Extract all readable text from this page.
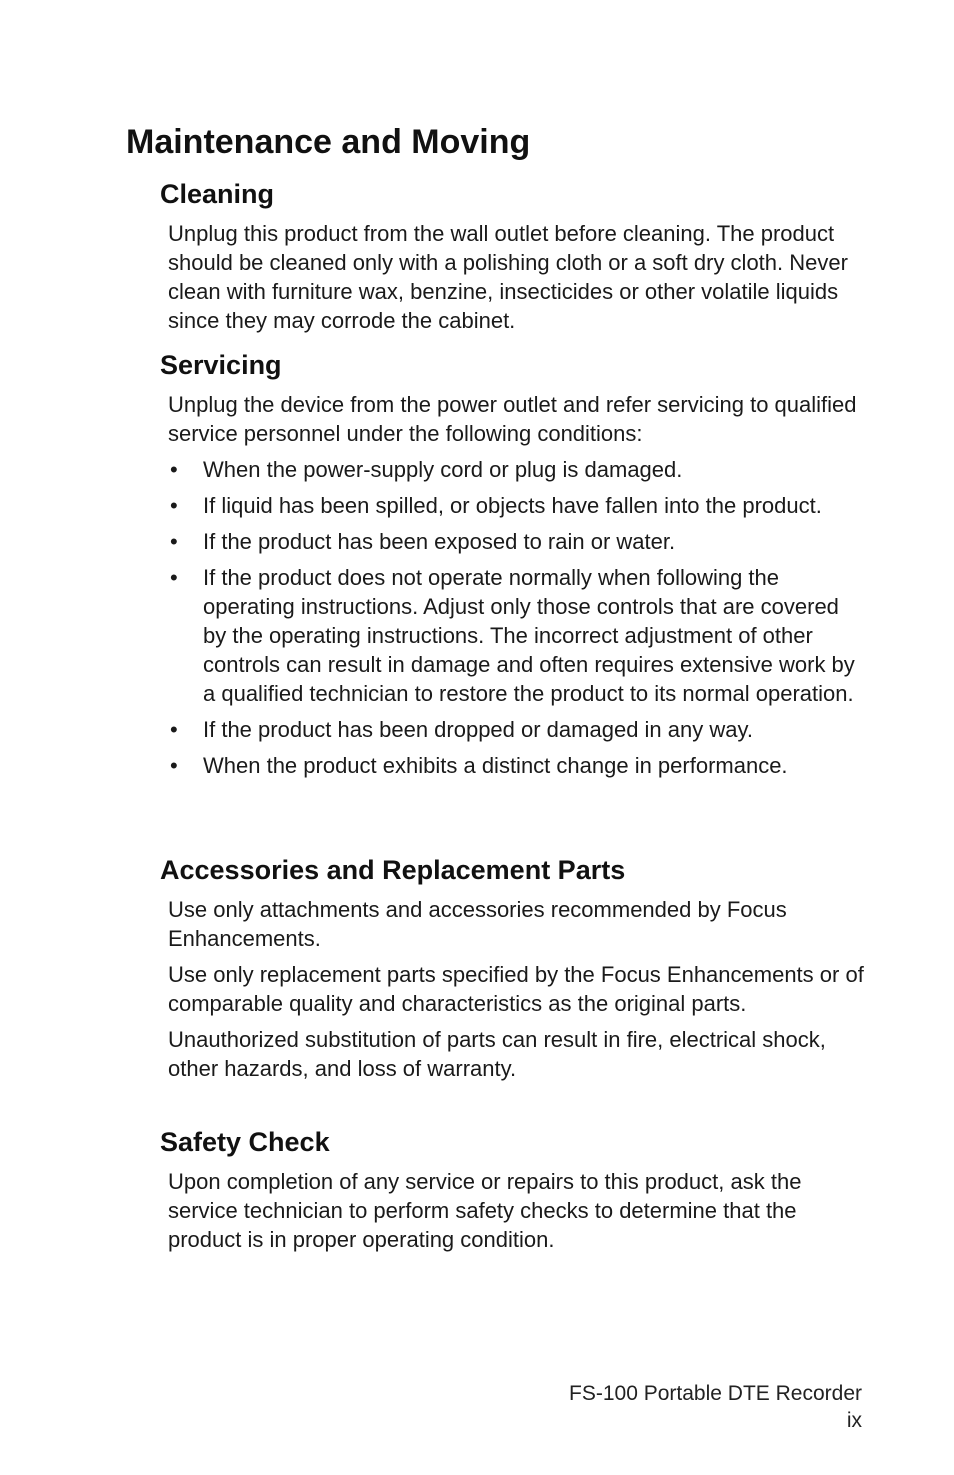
Maintenance and Moving
Cleaning

Unplug this product from the wall outlet before cleaning. The product should be cleaned only with a polishing cloth or a soft dry cloth. Never clean with furniture wax, benzine, insecticides or other volatile liquids since they may corrode the cabinet.

Servicing

Unplug the device from the power outlet and refer servicing to qualified service personnel under the following conditions:

• When the power-supply cord or plug is damaged.
• If liquid has been spilled, or objects have fallen into the product.
• If the product has been exposed to rain or water.
• If the product does not operate normally when following the operating instructions. Adjust only those controls that are covered by the operating instructions. The incorrect adjustment of other controls can result in damage and often requires extensive work by a qualified technician to restore the product to its normal operation.
• If the product has been dropped or damaged in any way.
• When the product exhibits a distinct change in performance.
Accessories and Replacement Parts

Use only attachments and accessories recommended by Focus Enhancements.

Use only replacement parts specified by the Focus Enhancements or of comparable quality and characteristics as the original parts.

Unauthorized substitution of parts can result in fire, electrical shock, other hazards, and loss of warranty.

Safety Check

Upon completion of any service or repairs to this product, ask the service technician to perform safety checks to determine that the product is in proper operating condition.

FS-100 Portable DTE Recorder
ix
